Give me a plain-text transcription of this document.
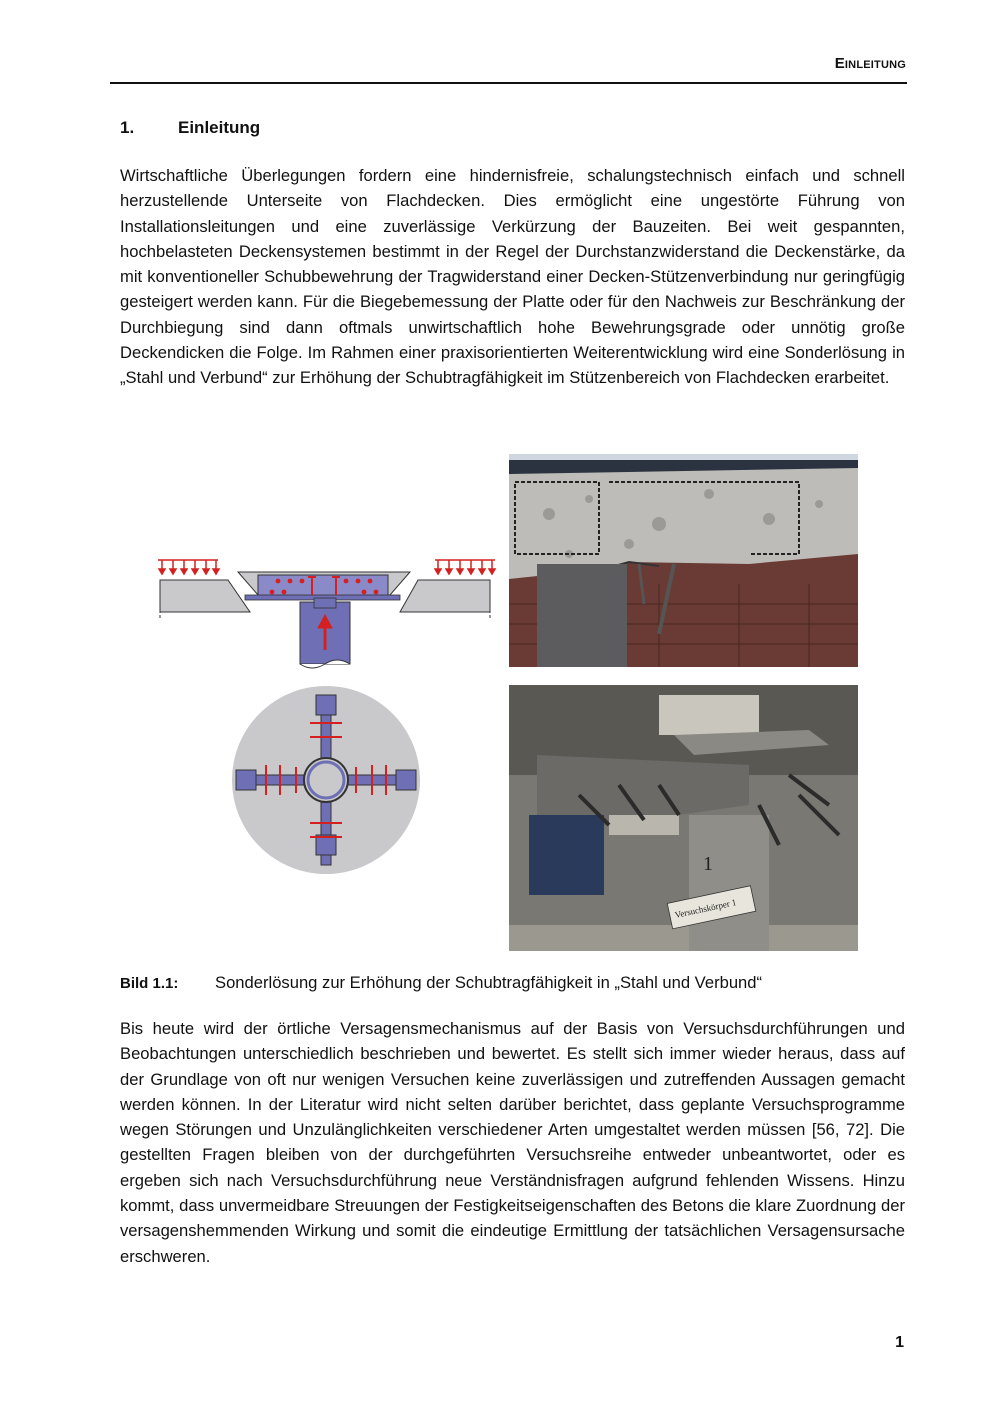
Einleitung
1.	Einleitung

Wirtschaftliche Überlegungen fordern eine hindernisfreie, schalungstechnisch einfach und schnell herzustellende Unterseite von Flachdecken. Dies ermöglicht eine ungestörte Führung von Installationsleitungen und eine zuverlässige Verkürzung der Bauzeiten. Bei weit gespannten, hochbelasteten Deckensystemen bestimmt in der Regel der Durchstanzwiderstand die Deckenstärke, da mit konventioneller Schubbewehrung der Tragwiderstand einer Decken-Stützenverbindung nur geringfügig gesteigert werden kann. Für die Biegebemessung der Platte oder für den Nachweis zur Beschränkung der Durchbiegung sind dann oftmals unwirtschaftlich hohe Bewehrungsgrade oder unnötig große Deckendicken die Folge. Im Rahmen einer praxisorientierten Weiterentwicklung wird eine Sonderlösung in „Stahl und Verbund“ zur Erhöhung der Schubtragfähigkeit im Stützenbereich von Flachdecken erarbeitet.

1
Versuchskörper 1
Bild 1.1: Sonderlösung zur Erhöhung der Schubtragfähigkeit in „Stahl und Verbund“

Bis heute wird der örtliche Versagensmechanismus auf der Basis von Versuchsdurchführungen und Beobachtungen unterschiedlich beschrieben und bewertet. Es stellt sich immer wieder heraus, dass auf der Grundlage von oft nur wenigen Versuchen keine zuverlässigen und zutreffenden Aussagen gemacht werden können. In der Literatur wird nicht selten darüber berichtet, dass geplante Versuchsprogramme wegen Störungen und Unzulänglichkeiten verschiedener Arten umgestaltet werden müssen [56, 72]. Die gestellten Fragen bleiben von der durchgeführten Versuchsreihe entweder unbeantwortet, oder es ergeben sich nach Versuchsdurchführung neue Verständnisfragen aufgrund fehlenden Wissens. Hinzu kommt, dass unvermeidbare Streuungen der Festigkeitseigenschaften des Betons die klare Zuordnung der versagenshemmenden Wirkung und somit die eindeutige Ermittlung der tatsächlichen Versagensursache erschweren.

1
